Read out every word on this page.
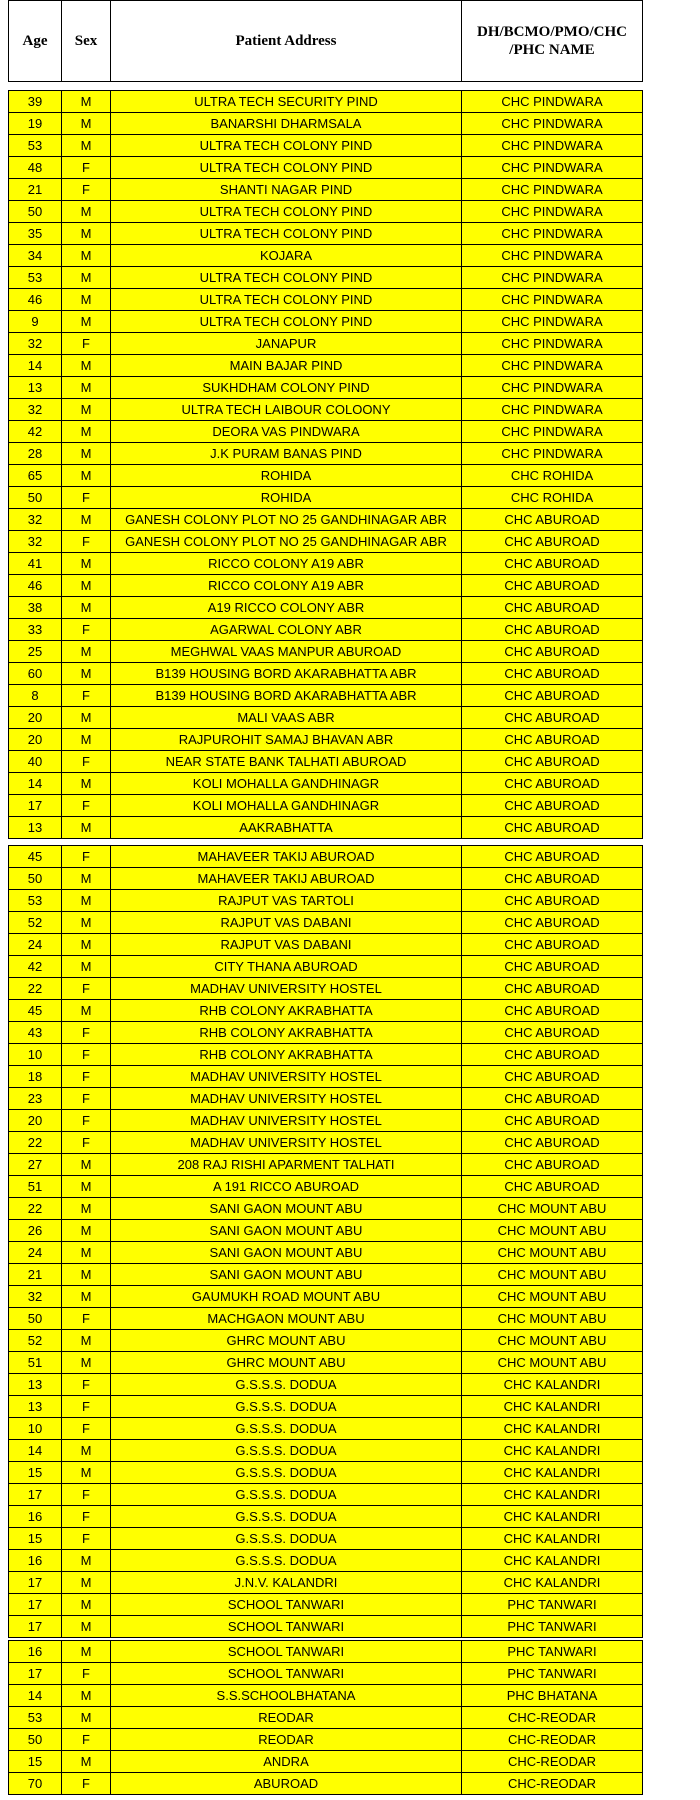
Age	Sex	Patient Address	DH/BCMO/PMO/CHC
/PHC NAME
39	M	ULTRA TECH SECURITY PIND	CHC PINDWARA
19	M	BANARSHI DHARMSALA	CHC PINDWARA
53	M	ULTRA TECH COLONY PIND	CHC PINDWARA
48	F	ULTRA TECH COLONY PIND	CHC PINDWARA
21	F	SHANTI NAGAR PIND	CHC PINDWARA
50	M	ULTRA TECH COLONY PIND	CHC PINDWARA
35	M	ULTRA TECH COLONY PIND	CHC PINDWARA
34	M	KOJARA	CHC PINDWARA
53	M	ULTRA TECH COLONY PIND	CHC PINDWARA
46	M	ULTRA TECH COLONY PIND	CHC PINDWARA
9	M	ULTRA TECH COLONY PIND	CHC PINDWARA
32	F	JANAPUR	CHC PINDWARA
14	M	MAIN BAJAR PIND	CHC PINDWARA
13	M	SUKHDHAM COLONY PIND	CHC PINDWARA
32	M	ULTRA TECH LAIBOUR COLOONY	CHC PINDWARA
42	M	DEORA VAS PINDWARA	CHC PINDWARA
28	M	J.K PURAM BANAS PIND	CHC PINDWARA
65	M	ROHIDA	CHC ROHIDA
50	F	ROHIDA	CHC ROHIDA
32	M	GANESH COLONY PLOT NO 25 GANDHINAGAR ABR	CHC ABUROAD
32	F	GANESH COLONY PLOT NO 25 GANDHINAGAR ABR	CHC ABUROAD
41	M	RICCO COLONY A19 ABR	CHC ABUROAD
46	M	RICCO COLONY A19 ABR	CHC ABUROAD
38	M	A19 RICCO COLONY ABR	CHC ABUROAD
33	F	AGARWAL COLONY ABR	CHC ABUROAD
25	M	MEGHWAL VAAS MANPUR ABUROAD	CHC ABUROAD
60	M	B139 HOUSING BORD AKARABHATTA ABR	CHC ABUROAD
8	F	B139 HOUSING BORD AKARABHATTA ABR	CHC ABUROAD
20	M	MALI VAAS ABR	CHC ABUROAD
20	M	RAJPUROHIT SAMAJ BHAVAN ABR	CHC ABUROAD
40	F	NEAR STATE BANK TALHATI ABUROAD	CHC ABUROAD
14	M	KOLI MOHALLA GANDHINAGR	CHC ABUROAD
17	F	KOLI MOHALLA GANDHINAGR	CHC ABUROAD
13	M	AAKRABHATTA	CHC ABUROAD
45	F	MAHAVEER TAKIJ ABUROAD	CHC ABUROAD
50	M	MAHAVEER TAKIJ ABUROAD	CHC ABUROAD
53	M	RAJPUT VAS TARTOLI	CHC ABUROAD
52	M	RAJPUT VAS DABANI	CHC ABUROAD
24	M	RAJPUT VAS DABANI	CHC ABUROAD
42	M	CITY THANA ABUROAD	CHC ABUROAD
22	F	MADHAV UNIVERSITY HOSTEL	CHC ABUROAD
45	M	RHB COLONY AKRABHATTA	CHC ABUROAD
43	F	RHB COLONY AKRABHATTA	CHC ABUROAD
10	F	RHB COLONY AKRABHATTA	CHC ABUROAD
18	F	MADHAV UNIVERSITY HOSTEL	CHC ABUROAD
23	F	MADHAV UNIVERSITY HOSTEL	CHC ABUROAD
20	F	MADHAV UNIVERSITY HOSTEL	CHC ABUROAD
22	F	MADHAV UNIVERSITY HOSTEL	CHC ABUROAD
27	M	208 RAJ RISHI APARMENT TALHATI	CHC ABUROAD
51	M	A 191 RICCO ABUROAD	CHC ABUROAD
22	M	SANI GAON MOUNT ABU	CHC MOUNT ABU
26	M	SANI GAON MOUNT ABU	CHC MOUNT ABU
24	M	SANI GAON MOUNT ABU	CHC MOUNT ABU
21	M	SANI GAON MOUNT ABU	CHC MOUNT ABU
32	M	GAUMUKH ROAD MOUNT ABU	CHC MOUNT ABU
50	F	MACHGAON MOUNT ABU	CHC MOUNT ABU
52	M	GHRC MOUNT ABU	CHC MOUNT ABU
51	M	GHRC MOUNT ABU	CHC MOUNT ABU
13	F	G.S.S.S. DODUA	CHC KALANDRI
13	F	G.S.S.S. DODUA	CHC KALANDRI
10	F	G.S.S.S. DODUA	CHC KALANDRI
14	M	G.S.S.S. DODUA	CHC KALANDRI
15	M	G.S.S.S. DODUA	CHC KALANDRI
17	F	G.S.S.S. DODUA	CHC KALANDRI
16	F	G.S.S.S. DODUA	CHC KALANDRI
15	F	G.S.S.S. DODUA	CHC KALANDRI
16	M	G.S.S.S. DODUA	CHC KALANDRI
17	M	J.N.V. KALANDRI	CHC KALANDRI
17	M	SCHOOL TANWARI	PHC TANWARI
17	M	SCHOOL TANWARI	PHC TANWARI
16	M	SCHOOL TANWARI	PHC TANWARI
17	F	SCHOOL TANWARI	PHC TANWARI
14	M	S.S.SCHOOLBHATANA	PHC BHATANA
53	M	REODAR	CHC-REODAR
50	F	REODAR	CHC-REODAR
15	M	ANDRA	CHC-REODAR
70	F	ABUROAD	CHC-REODAR
